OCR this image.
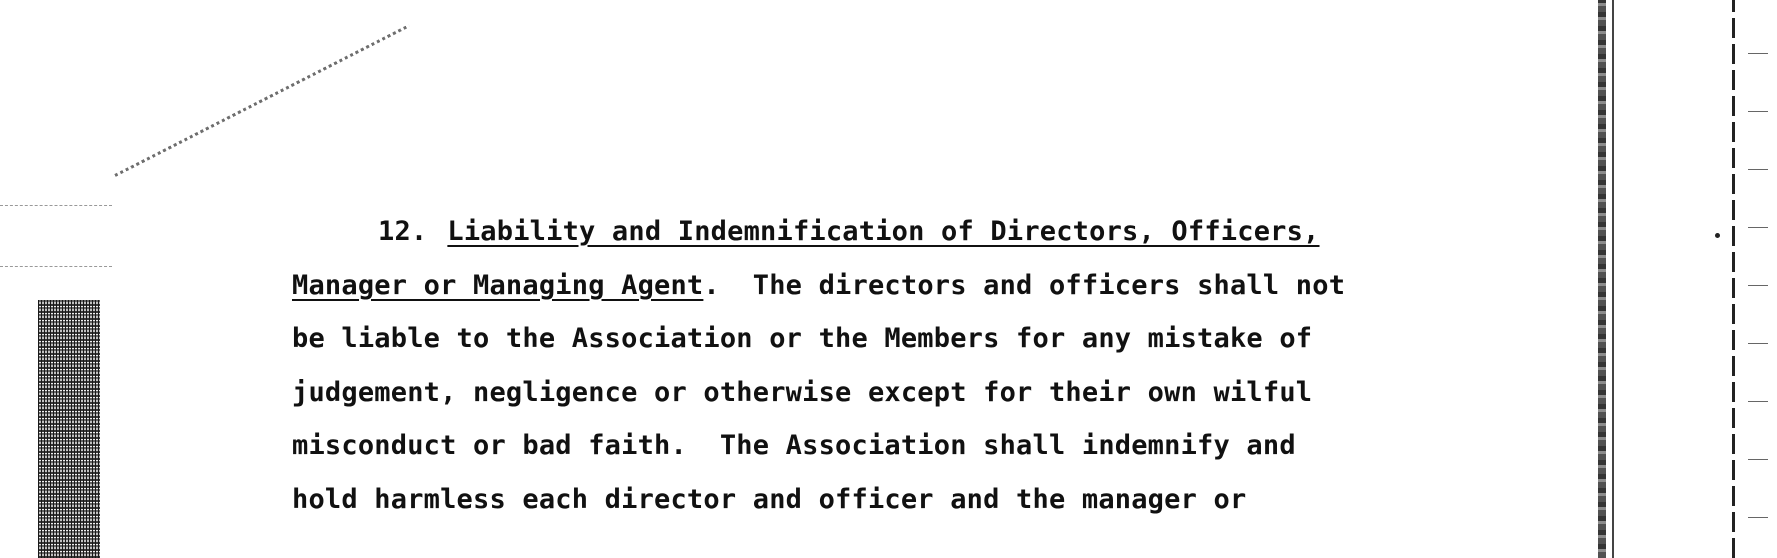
12. Liability and Indemnification of Directors, Officers,
Manager or Managing Agent.  The directors and officers shall not
be liable to the Association or the Members for any mistake of
judgement, negligence or otherwise except for their own wilful
misconduct or bad faith.  The Association shall indemnify and
hold harmless each director and officer and the manager or
